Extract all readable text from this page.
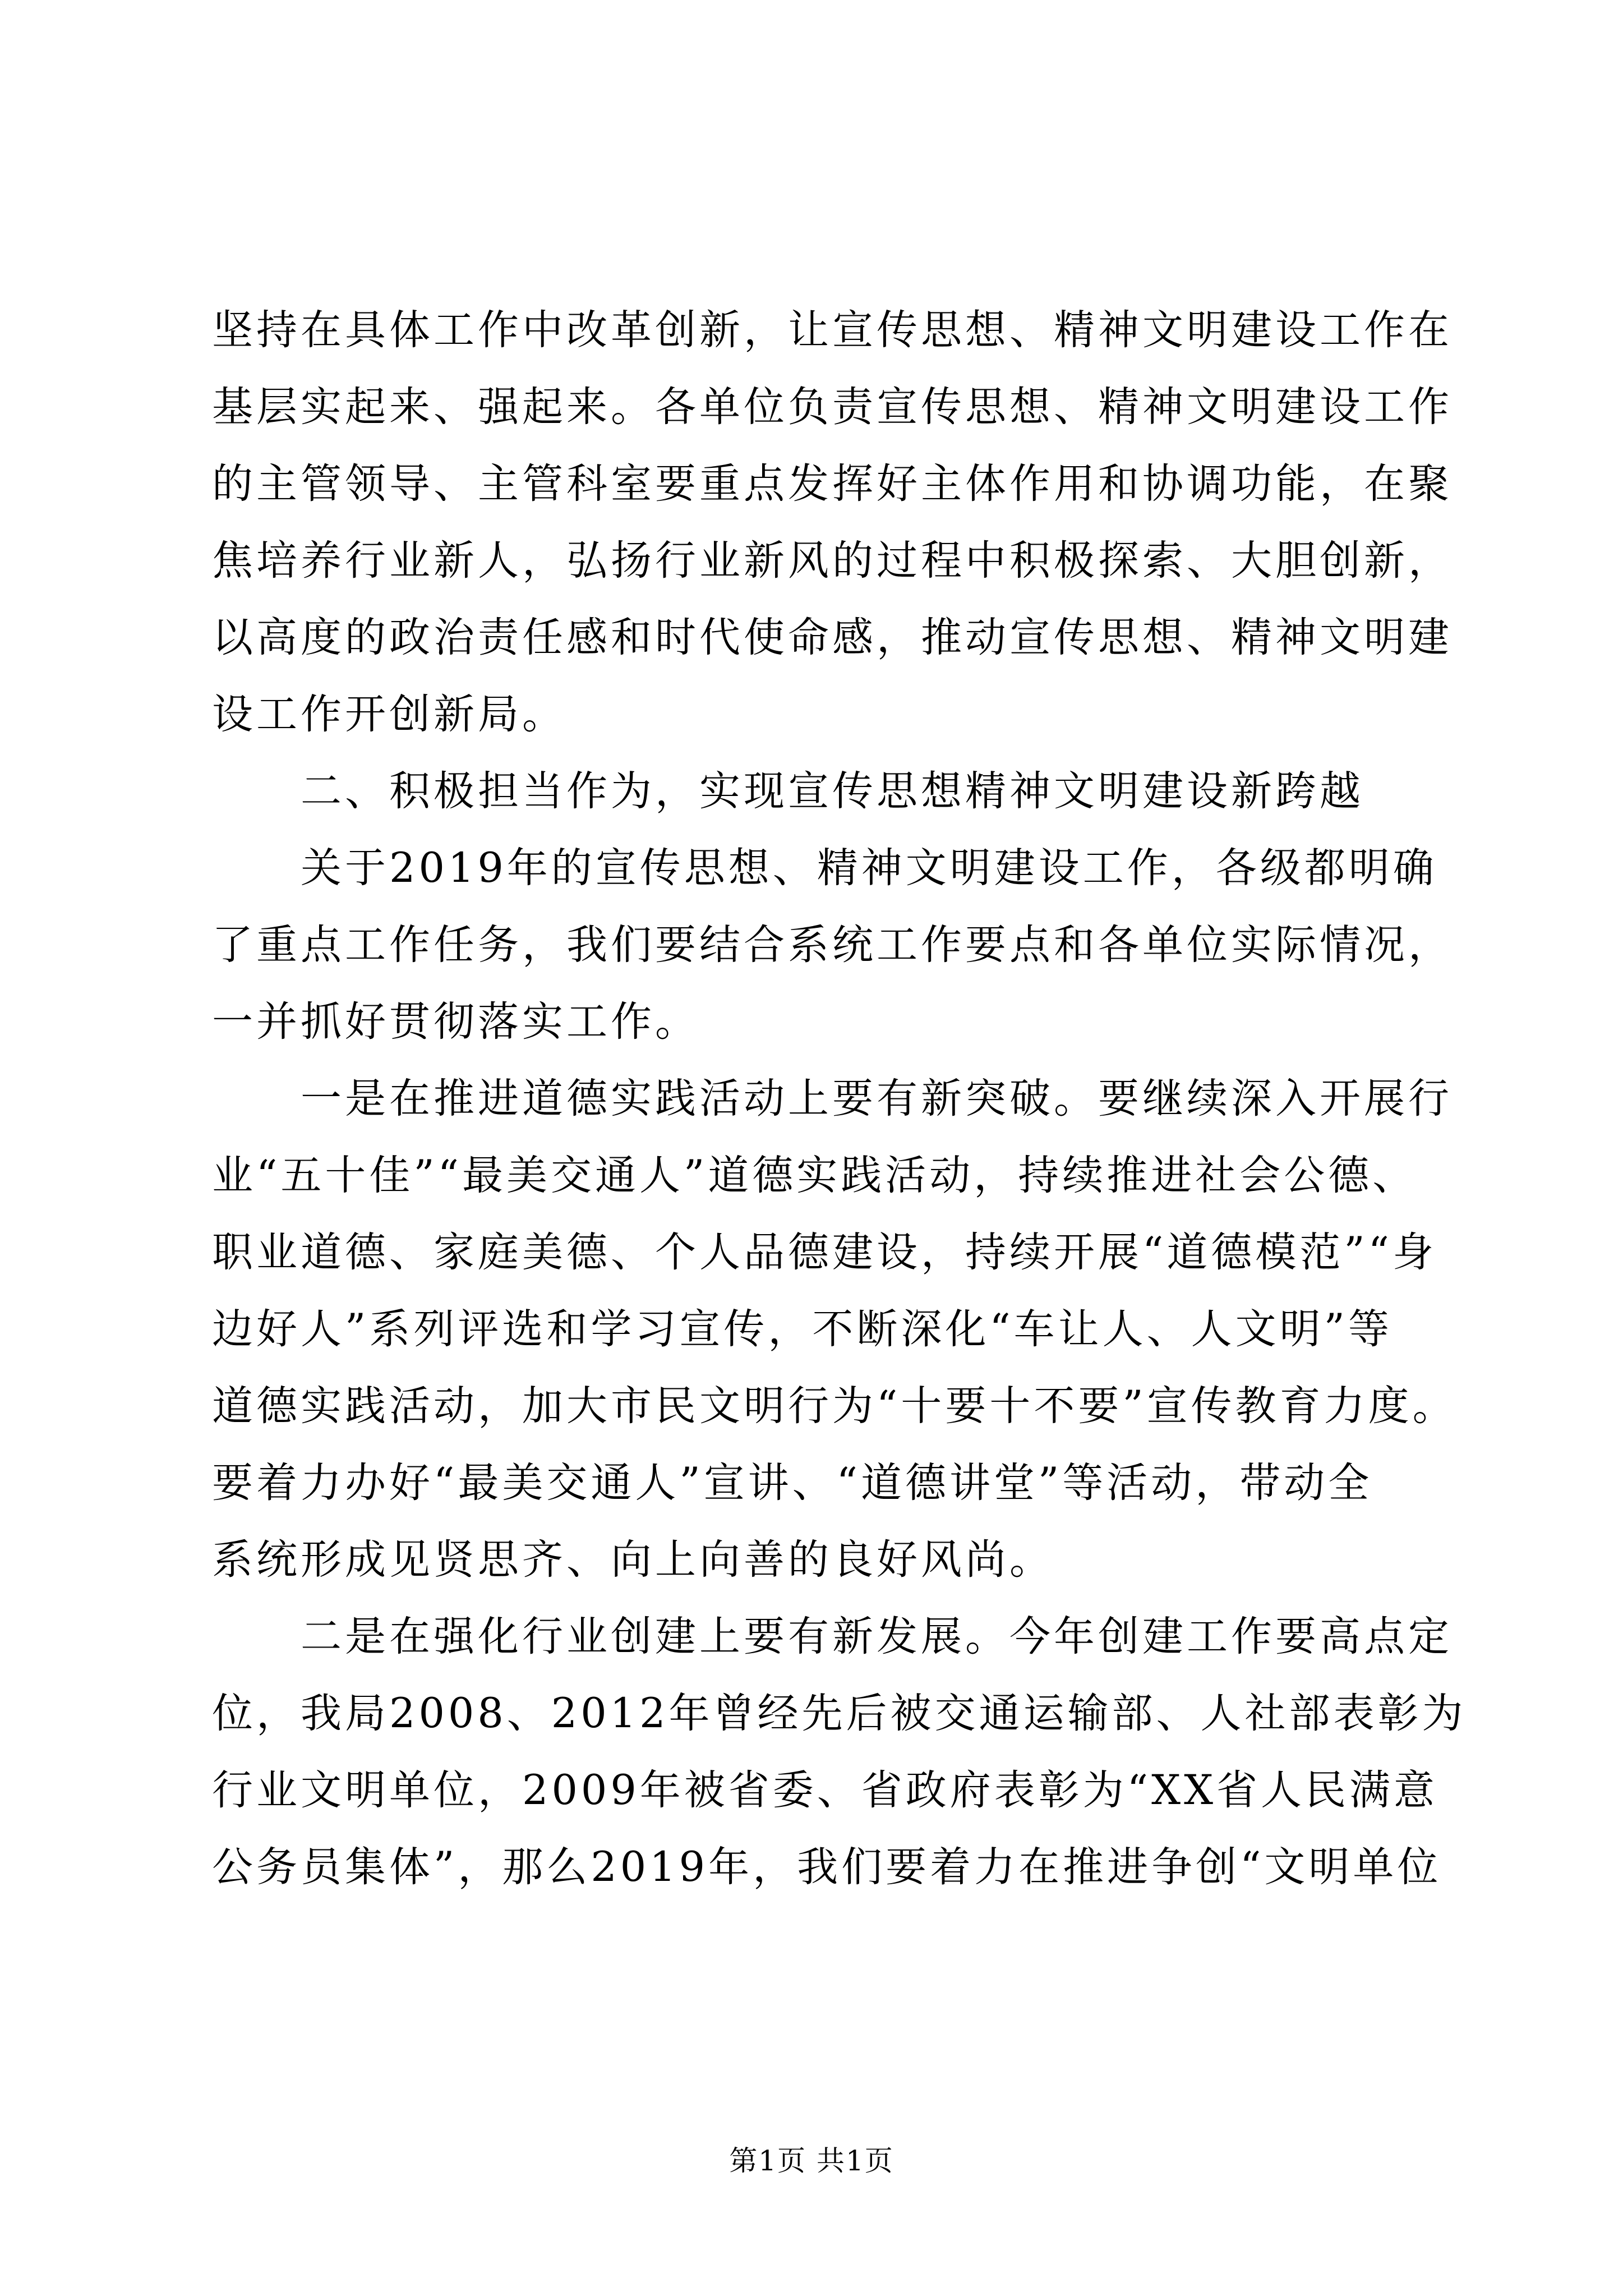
坚持在具体工作中改革创新，让宣传思想、精神文明建设工作在
基层实起来、强起来。各单位负责宣传思想、精神文明建设工作
的主管领导、主管科室要重点发挥好主体作用和协调功能，在聚
焦培养行业新人，弘扬行业新风的过程中积极探索、大胆创新，
以高度的政治责任感和时代使命感，推动宣传思想、精神文明建
设工作开创新局。
　　二、积极担当作为，实现宣传思想精神文明建设新跨越
　　关于2019年的宣传思想、精神文明建设工作，各级都明确
了重点工作任务，我们要结合系统工作要点和各单位实际情况，
一并抓好贯彻落实工作。
　　一是在推进道德实践活动上要有新突破。要继续深入开展行
业“五十佳”“最美交通人”道德实践活动，持续推进社会公德、
职业道德、家庭美德、个人品德建设，持续开展“道德模范”“身
边好人”系列评选和学习宣传，不断深化“车让人、人文明”等
道德实践活动，加大市民文明行为“十要十不要”宣传教育力度。
要着力办好“最美交通人”宣讲、“道德讲堂”等活动，带动全
系统形成见贤思齐、向上向善的良好风尚。
　　二是在强化行业创建上要有新发展。今年创建工作要高点定
位，我局2008、2012年曾经先后被交通运输部、人社部表彰为
行业文明单位，2009年被省委、省政府表彰为“XX省人民满意
公务员集体”，那么2019年，我们要着力在推进争创“文明单位
第1页 共1页
